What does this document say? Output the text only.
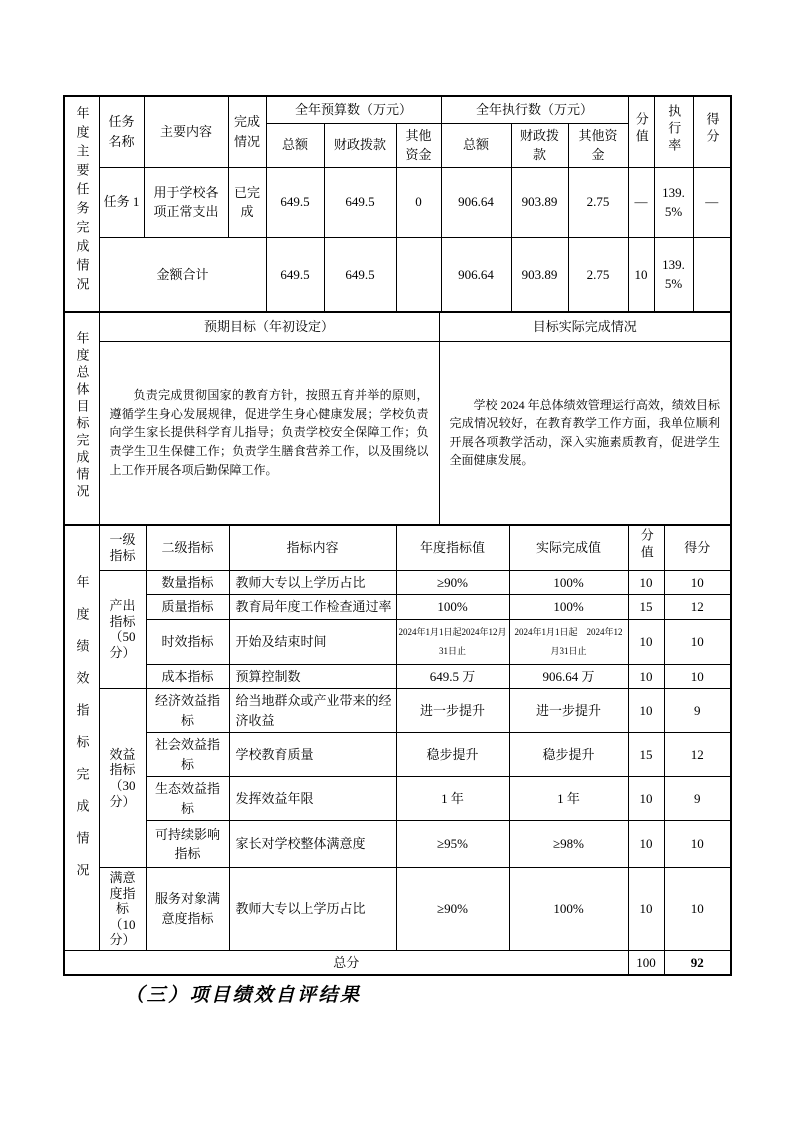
年度主要任务完成情况	任务名称	主要内容	完成情况	全年预算数（万元）			全年执行数（万元）			分值	执行率	得分
				总额	财政拨款	其他资金	总额	财政拨款	其他资金			
	任务 1	用于学校各项正常支出	已完成	649.5	649.5	0	906.64	903.89	2.75	—	139.5%	—
	金额合计			649.5	649.5		906.64	903.89	2.75	10	139.5%	
年度总体目标完成情况	预期目标（年初设定）	目标实际完成情况

	负责完成贯彻国家的教育方针，按照五育并举的原则，遵循学生身心发展规律，促进学生身心健康发展；学校负责向学生家长提供科学育儿指导；负责学校安全保障工作；负责学生卫生保健工作；负责学生膳食营养工作，以及围绕以上工作开展各项后勤保障工作。	学校 2024 年总体绩效管理运行高效，绩效目标完成情况较好，在教育教学工作方面，我单位顺利开展各项教学活动，深入实施素质教育，促进学生全面健康发展。

年度绩效指标完成情况	一级指标	二级指标	指标内容	年度指标值	实际完成值	分值	得分
	产出指标（50分）	数量指标	教师大专以上学历占比	≥90%	100%	10	10
		质量指标	教育局年度工作检查通过率	100%	100%	15	12
		时效指标	开始及结束时间	2024年1月1日起2024年12月31日止	2024年1月1日起　2024年12月31日止	10	10
		成本指标	预算控制数	649.5 万	906.64 万	10	10
	效益指标（30分）	经济效益指标	给当地群众或产业带来的经济收益	进一步提升	进一步提升	10	9
		社会效益指标	学校教育质量	稳步提升	稳步提升	15	12
		生态效益指标	发挥效益年限	1 年	1 年	10	9
		可持续影响指标	家长对学校整体满意度	≥95%	≥98%	10	10
	满意度指标（10分）	服务对象满意度指标	教师大专以上学历占比	≥90%	100%	10	10
总分						100	92
（三）项目绩效自评结果
